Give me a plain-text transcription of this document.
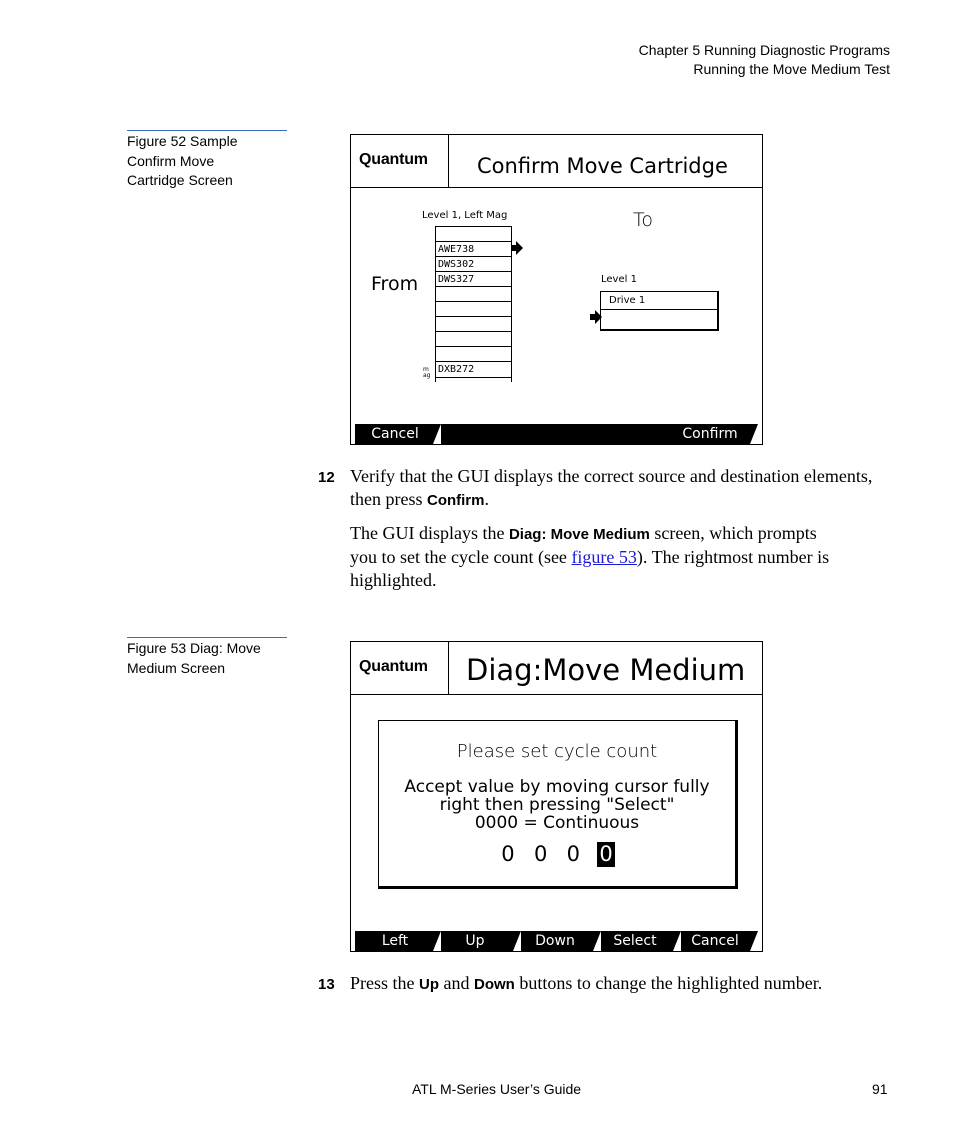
Chapter 5 Running Diagnostic Programs
Running the Move Medium Test
Figure 52 Sample
Confirm Move
Cartridge Screen
Quantum Confirm Move Cartridge
Level 1, Left Mag	To
From
AWE738
DWS302
DWS327
DXB272
mag
Level 1
Drive 1
Cancel	Confirm
12 Verify that the GUI displays the correct source and destination elements, then press Confirm.
The GUI displays the Diag: Move Medium screen, which prompts you to set the cycle count (see figure 53). The rightmost number is highlighted.
Figure 53 Diag: Move
Medium Screen	Quantum Diag:Move Medium
Please set cycle count
Accept value by moving cursor fully
right then pressing "Select"
0000 = Continuous
0 0 0 0
Left	Up	Down	Select	Cancel
13 Press the Up and Down buttons to change the highlighted number.
ATL M-Series User’s Guide	91
